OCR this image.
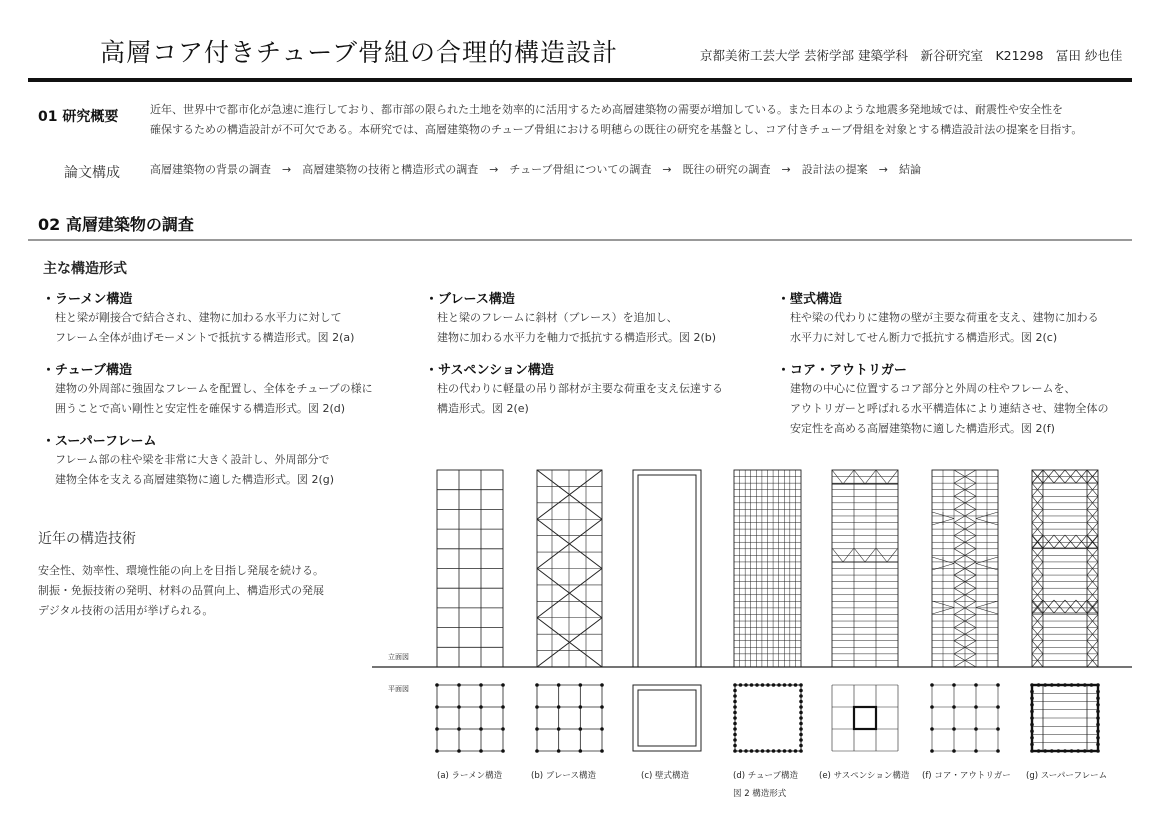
高層コア付きチューブ骨組の合理的構造設計	京都美術工芸大学 芸術学部 建築学科　新谷研究室　K21298　冨田 紗也佳
01 研究概要	近年、世界中で都市化が急速に進行しており、都市部の限られた土地を効率的に活用するため高層建築物の需要が増加している。また日本のような地震多発地域では、耐震性や安全性を
確保するための構造設計が不可欠である。本研究では、高層建築物のチューブ骨組における明穂らの既往の研究を基盤とし、コア付きチューブ骨組を対象とする構造設計法の提案を目指す。
論文構成	高層建築物の背景の調査　→　高層建築物の技術と構造形式の調査　→　チューブ骨組についての調査　→　既往の研究の調査　→　設計法の提案　→　結論
02 高層建築物の調査
主な構造形式
・ラーメン構造
柱と梁が剛接合で結合され、建物に加わる水平力に対して
フレーム全体が曲げモーメントで抵抗する構造形式。図 2(a)
・チューブ構造
建物の外周部に強固なフレームを配置し、全体をチューブの様に
囲うことで高い剛性と安定性を確保する構造形式。図 2(d)
・スーパーフレーム
フレーム部の柱や梁を非常に大きく設計し、外周部分で
建物全体を支える高層建築物に適した構造形式。図 2(g)
・ブレース構造
柱と梁のフレームに斜材（ブレース）を追加し、
建物に加わる水平力を軸力で抵抗する構造形式。図 2(b)
・サスペンション構造
柱の代わりに軽量の吊り部材が主要な荷重を支え伝達する
構造形式。図 2(e)
・壁式構造
柱や梁の代わりに建物の壁が主要な荷重を支え、建物に加わる
水平力に対してせん断力で抵抗する構造形式。図 2(c)
・コア・アウトリガー
建物の中心に位置するコア部分と外周の柱やフレームを、
アウトリガーと呼ばれる水平構造体により連結させ、建物全体の
安定性を高める高層建築物に適した構造形式。図 2(f)
近年の構造技術
安全性、効率性、環境性能の向上を目指し発展を続ける。
制振・免振技術の発明、材料の品質向上、構造形式の発展
デジタル技術の活用が挙げられる。
立面図
平面図
(a) ラーメン構造	(b) ブレース構造	(c) 壁式構造	(d) チューブ構造 (e) サスペンション構造 (f) コア・アウトリガー (g) スーパーフレーム
図 2 構造形式
